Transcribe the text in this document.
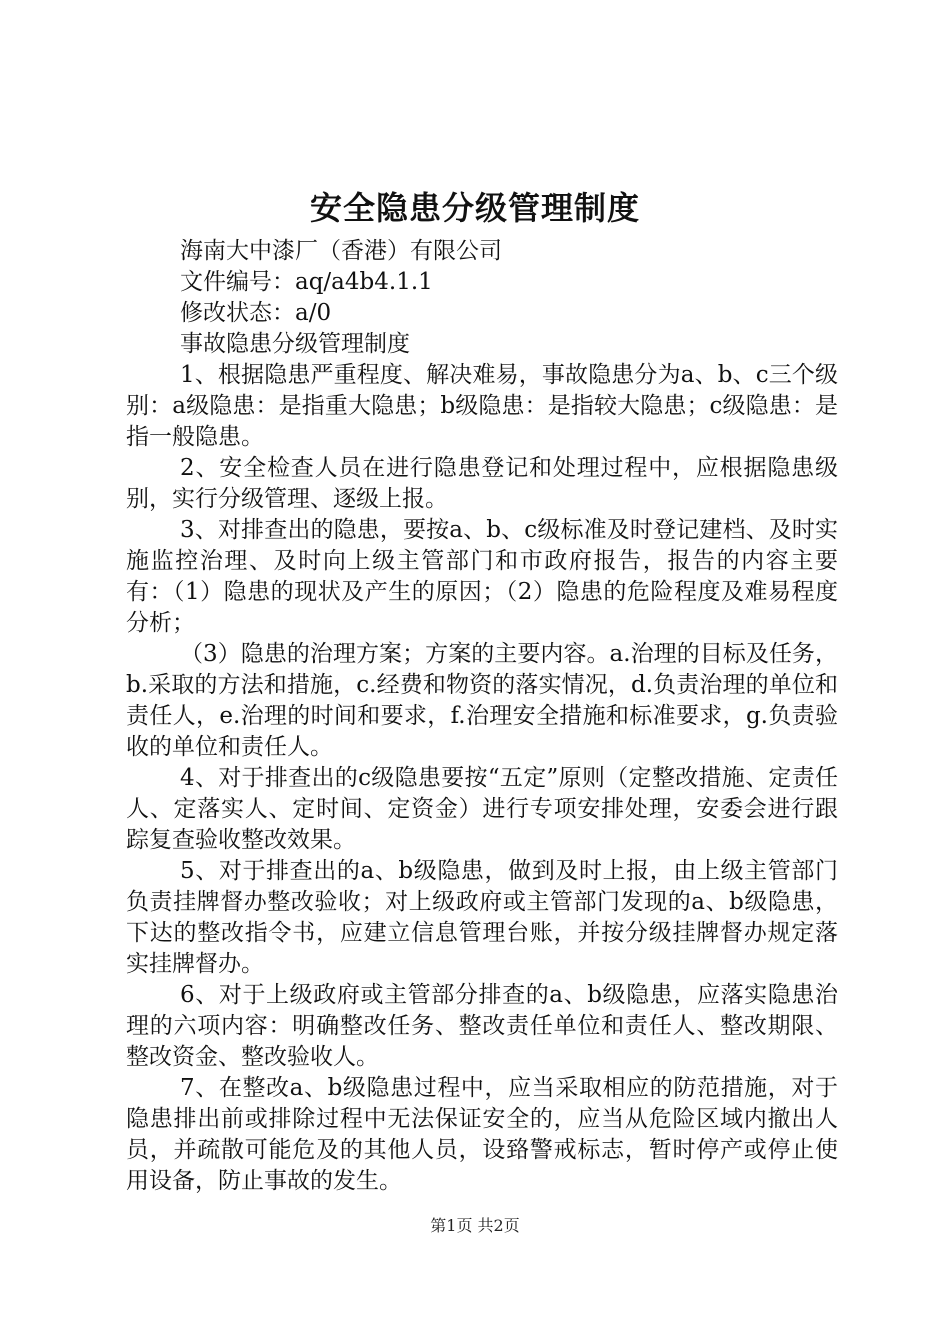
安全隐患分级管理制度

海南大中漆厂（香港）有限公司

文件编号：aq/a4b4.1.1

修改状态：a/0

事故隐患分级管理制度

1、根据隐患严重程度、解决难易，事故隐患分为a、b、c三个级别：a级隐患：是指重大隐患；b级隐患：是指较大隐患；c级隐患：是指一般隐患。

2、安全检查人员在进行隐患登记和处理过程中，应根据隐患级别，实行分级管理、逐级上报。

3、对排查出的隐患，要按a、b、c级标准及时登记建档、及时实施监控治理、及时向上级主管部门和市政府报告，报告的内容主要有：（1）隐患的现状及产生的原因；（2）隐患的危险程度及难易程度分析；

（3）隐患的治理方案；方案的主要内容。a.治理的目标及任务，b.采取的方法和措施，c.经费和物资的落实情况，d.负责治理的单位和责任人，e.治理的时间和要求，f.治理安全措施和标准要求，g.负责验收的单位和责任人。

4、对于排查出的c级隐患要按“五定”原则（定整改措施、定责任人、定落实人、定时间、定资金）进行专项安排处理，安委会进行跟踪复查验收整改效果。

5、对于排查出的a、b级隐患，做到及时上报，由上级主管部门负责挂牌督办整改验收；对上级政府或主管部门发现的a、b级隐患，下达的整改指令书，应建立信息管理台账，并按分级挂牌督办规定落实挂牌督办。

6、对于上级政府或主管部分排查的a、b级隐患，应落实隐患治理的六项内容：明确整改任务、整改责任单位和责任人、整改期限、整改资金、整改验收人。

7、在整改a、b级隐患过程中，应当采取相应的防范措施，对于隐患排出前或排除过程中无法保证安全的，应当从危险区域内撤出人员，并疏散可能危及的其他人员，设臵警戒标志，暂时停产或停止使用设备，防止事故的发生。

第1页 共2页
